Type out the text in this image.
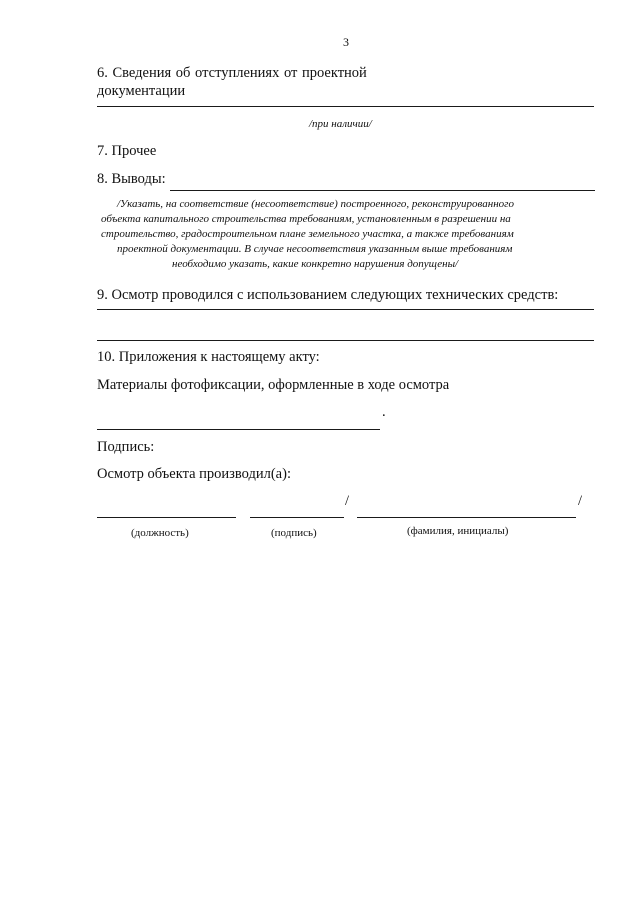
3
6. Сведения об отступлениях от проектной
документации
/при наличии/
7. Прочее
8. Выводы:
/Указать, на соответствие (несоответствие) построенного, реконструированного
объекта капитального строительства требованиям, установленным в разрешении на
строительство, градостроительном плане земельного участка, а также требованиям
проектной документации. В случае несоответствия указанным выше требованиям
необходимо указать, какие конкретно нарушения допущены/
9. Осмотр проводился с использованием следующих технических средств:
10. Приложения к настоящему акту:
Материалы фотофиксации, оформленные в ходе осмотра
.
Подпись:
Осмотр объекта производил(а):
/	/
(должность)	(подпись)	(фамилия, инициалы)
